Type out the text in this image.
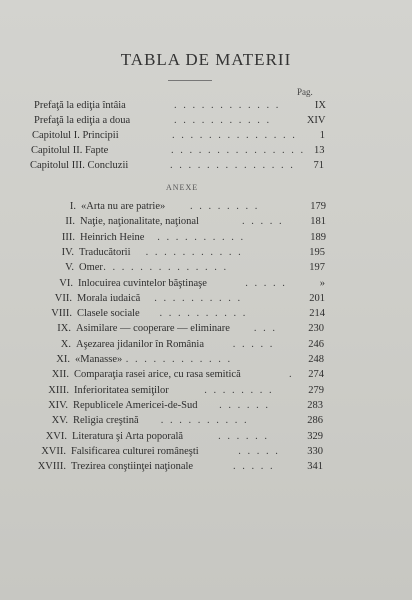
TABLA DE MATERII
Pag.
Prefaţă la ediţia întâia	. . . . . . . . . . . .	IX
Prefaţă la ediţia a doua	. . . . . . . . . . .	XIV
Capitolul I. Principii	. . . . . . . . . . . . . .	1
Capitolul II. Fapte	. . . . . . . . . . . . . . . 13
Capitolul III. Concluzii	. . . . . . . . . . . . . .	71
ANEXE
I. «Arta nu are patrie» . . . . . . . .	179
II. Naţie, naţionalitate, naţional	. . . . .	181
III. Heinrich Heine . . . . . . . . . .	189
IV. Traducătorii . . . . . . . . . . .	195
V. Omer . . . . . . . . . . . . . .	197
VI. Inlocuirea cuvintelor băştinaşe	. . . . .	»
VII. Morala iudaică . . . . . . . . . .	201
VIII. Clasele sociale . . . . . . . . . .	214
IX. Asimilare — cooperare — eliminare . . .	230
X. Aşezarea jidanilor în România	. . . . .	246
XI. «Manasse» . . . . . . . . . . . .	248
XII. Comparaţia rasei arice, cu rasa semitică	.	274
XIII. Inferioritatea semiţilor	. . . . . . . .	279
XIV. Republicele Americei-de-Sud . . . . . .	283
XV. Religia creştină . . . . . . . . . .	286
XVI. Literatura şi Arta poporală	. . . . . .	329
XVII. Falsificarea culturei româneşti	. . . . .	330
XVIII. Trezirea conştiinţei naţionale	. . . . .	341
